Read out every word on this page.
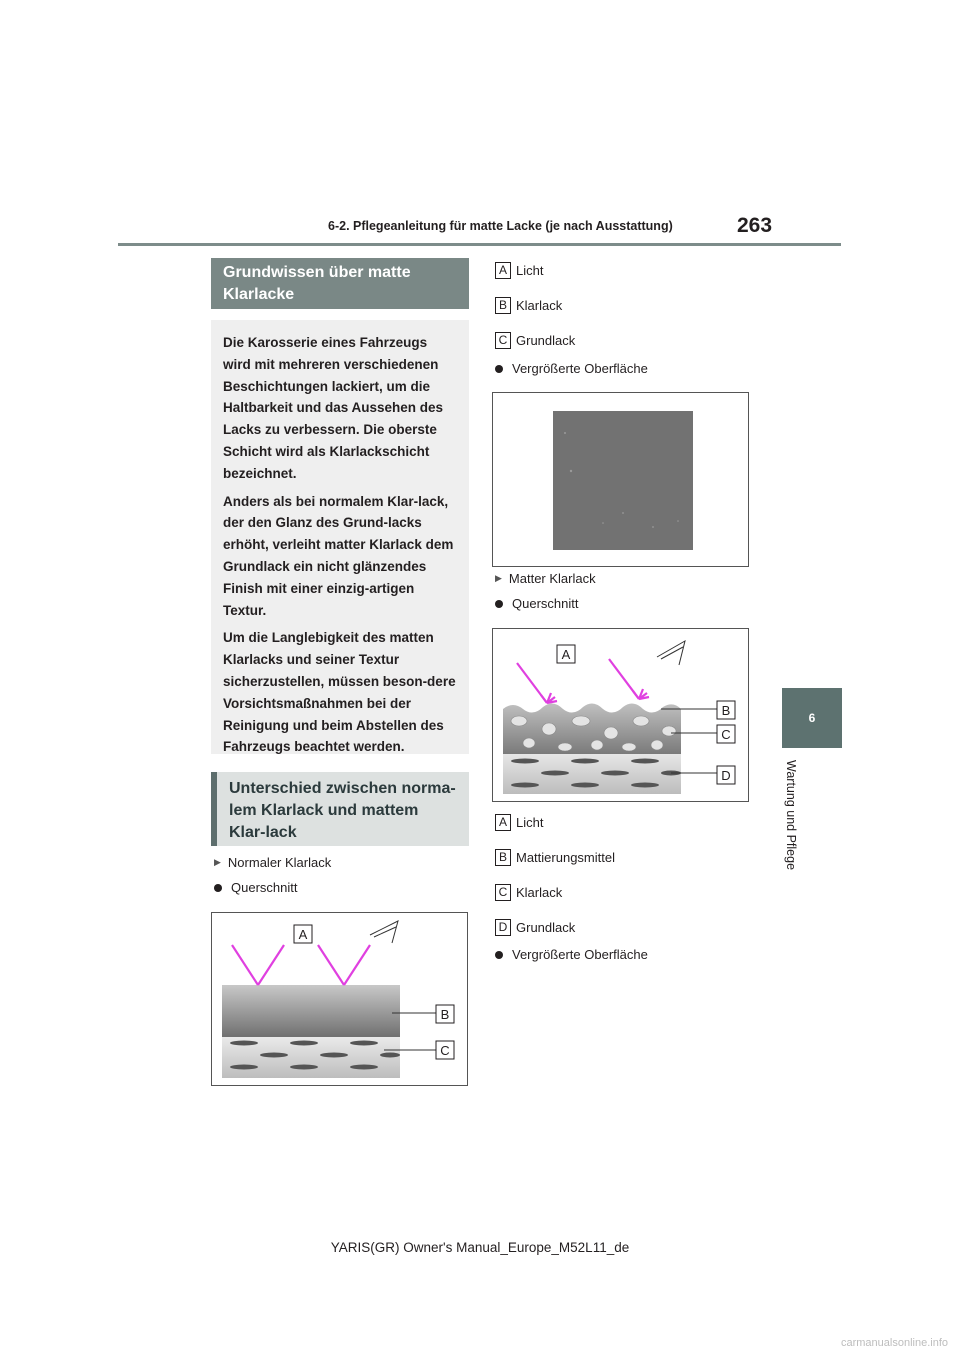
6-2. Pflegeanleitung für matte Lacke (je nach Ausstattung)	263
6
Wartung und Pflege
Grundwissen über matte Klarlacke

Die Karosserie eines Fahrzeugs wird mit mehreren verschiedenen Beschichtungen lackiert, um die Haltbarkeit und das Aussehen des Lacks zu verbessern. Die oberste Schicht wird als Klarlackschicht bezeichnet.

Anders als bei normalem Klar-lack, der den Glanz des Grund-lacks erhöht, verleiht matter Klarlack dem Grundlack ein nicht glänzendes Finish mit einer einzig-artigen Textur.

Um die Langlebigkeit des matten Klarlacks und seiner Textur sicherzustellen, müssen beson-dere Vorsichtsmaßnahmen bei der Reinigung und beim Abstellen des Fahrzeugs beachtet werden.

Unterschied zwischen norma-lem Klarlack und mattem Klar-lack
▶ Normaler Klarlack
Querschnitt
A
B
C
A Licht
B Klarlack
C Grundlack
Vergrößerte Oberfläche
▶ Matter Klarlack
Querschnitt
A
B
C
D
A Licht
B Mattierungsmittel
C Klarlack
D Grundlack
Vergrößerte Oberfläche
YARIS(GR) Owner's Manual_Europe_M52L11_de
carmanualsonline.info
